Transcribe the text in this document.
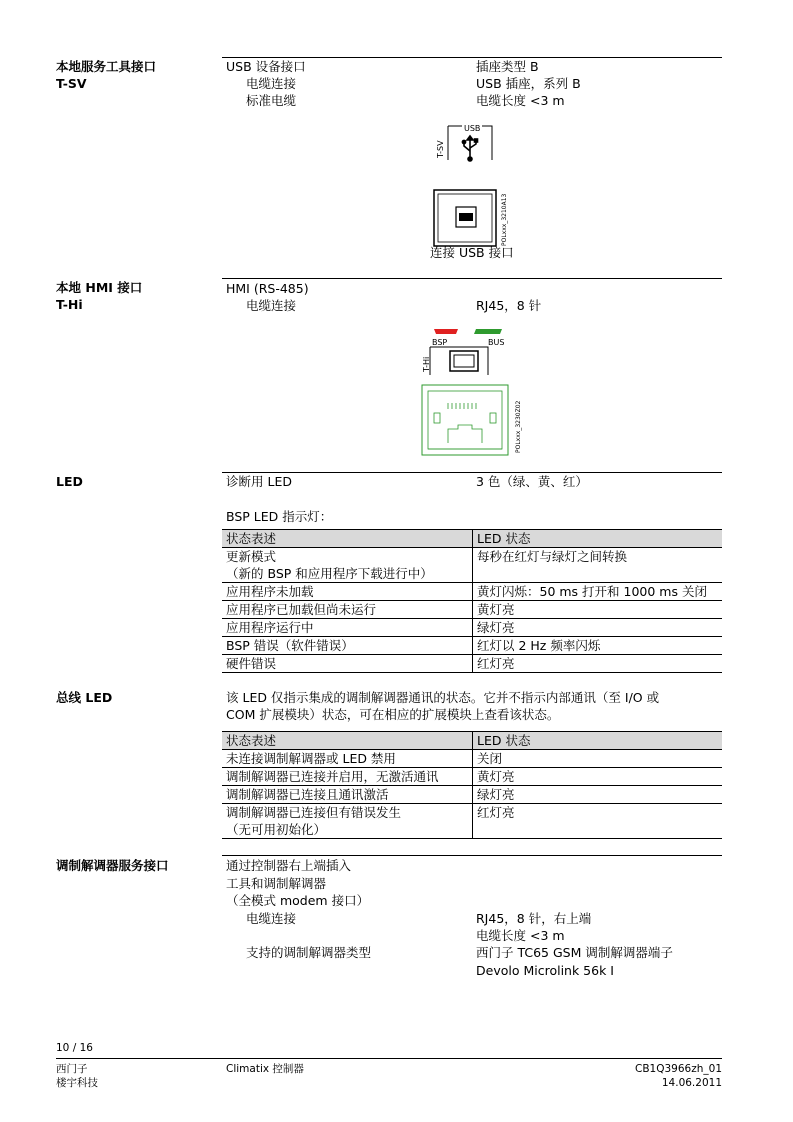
本地服务工具接口
T-SV
USB 设备接口	插座类型 B
电缆连接	USB 插座，系列 B
标准电缆	电缆长度 <3 m
USB
T-SV
POLxxx_3210A13
连接 USB 接口
本地 HMI 接口
T-Hi
HMI (RS-485)
电缆连接	RJ45，8 针
BSP	BUS
T-Hi
POLxxx_3230Z02
LED	诊断用 LED	3 色（绿、黄、红）
BSP LED 指示灯：
状态表述	LED 状态

更新模式
（新的 BSP 和应用程序下载进行中）	每秒在红灯与绿灯之间转换
应用程序未加载	黄灯闪烁：50 ms 打开和 1000 ms 关闭
应用程序已加载但尚未运行	黄灯亮
应用程序运行中	绿灯亮
BSP 错误（软件错误）	红灯以 2 Hz 频率闪烁
硬件错误	红灯亮
总线 LED	该 LED 仅指示集成的调制解调器通讯的状态。它并不指示内部通讯（至 I/O 或
COM 扩展模块）状态，可在相应的扩展模块上查看该状态。
状态表述	LED 状态
未连接调制解调器或 LED 禁用	关闭
调制解调器已连接并启用，无激活通讯	黄灯亮
调制解调器已连接且通讯激活	绿灯亮

调制解调器已连接但有错误发生
（无可用初始化）	红灯亮
调制解调器服务接口	通过控制器右上端插入
工具和调制解调器
（全模式 modem 接口）
电缆连接	RJ45，8 针，右上端
电缆长度 <3 m
支持的调制解调器类型	西门子 TC65 GSM 调制解调器端子
Devolo Microlink 56k I
10 / 16
西门子
楼宇科技
Climatix 控制器	CB1Q3966zh_01
14.06.2011
